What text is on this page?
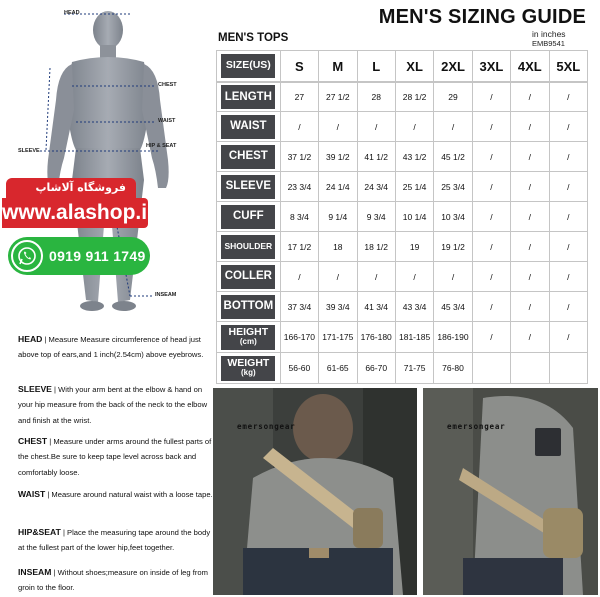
HEAD
CHEST
WAIST
SLEEVE
HIP & SEAT
INSEAM
فروشگاه آلاشاپ
www.alashop.ir
0919 911 1749

HEAD | Measure Measure circumference of head just above top of ears,and 1 inch(2.54cm) above eyebrows.

SLEEVE | With your arm bent at the elbow & hand on your hip measure from the back of the neck to the elbow and finish at the wrist.

CHEST | Measure under arms around the fullest parts of the chest.Be sure to keep tape level across back and comfortably loose.

WAIST | Measure around natural waist with a loose tape.

HIP&SEAT | Place the measuring tape around the body at the fullest part of the lower hip,feet together.

INSEAM | Without shoes;measure on inside of leg from groin to the floor.

MEN'S SIZING GUIDE
in inches
EMB9541
MEN'S TOPS
SIZE(US)	S	M	L	XL	2XL	3XL	4XL	5XL

LENGTH	27	27 1/2	28	28 1/2	29	/	/	/

WAIST	/	/	/	/	/	/	/	/

CHEST	37 1/2	39 1/2	41 1/2	43 1/2	45 1/2	/	/	/

SLEEVE	23 3/4	24 1/4	24 3/4	25 1/4	25 3/4	/	/	/

CUFF	8 3/4	9 1/4	9 3/4	10 1/4	10 3/4	/	/	/

SHOULDER	17 1/2	18	18 1/2	19	19 1/2	/	/	/

COLLER	/	/	/	/	/	/	/	/

BOTTOM	37 3/4	39 3/4	41 3/4	43 3/4	45 3/4	/	/	/

HEIGHT
(cm)	166-170	171-175	176-180	181-185	186-190	/	/	/

WEIGHT
(kg)	56-60	61-65	66-70	71-75	76-80			
emersongear	emersongear
